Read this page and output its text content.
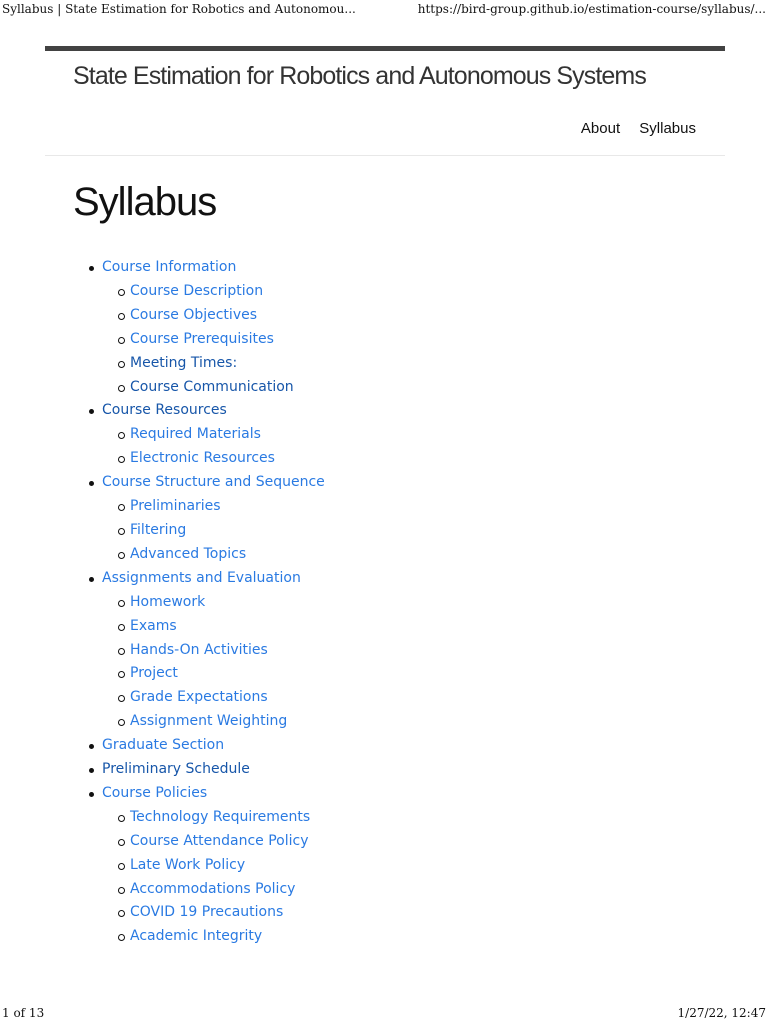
Syllabus | State Estimation for Robotics and Autonomou...	https://bird-group.github.io/estimation-course/syllabus/...
State Estimation for Robotics and Autonomous Systems
About Syllabus
Syllabus
Course Information
Course Description
Course Objectives
Course Prerequisites
Meeting Times:
Course Communication
Course Resources
Required Materials
Electronic Resources
Course Structure and Sequence
Preliminaries
Filtering
Advanced Topics
Assignments and Evaluation
Homework
Exams
Hands-On Activities
Project
Grade Expectations
Assignment Weighting
Graduate Section
Preliminary Schedule
Course Policies
Technology Requirements
Course Attendance Policy
Late Work Policy
Accommodations Policy
COVID 19 Precautions
Academic Integrity
1 of 13	1/27/22, 12:47
